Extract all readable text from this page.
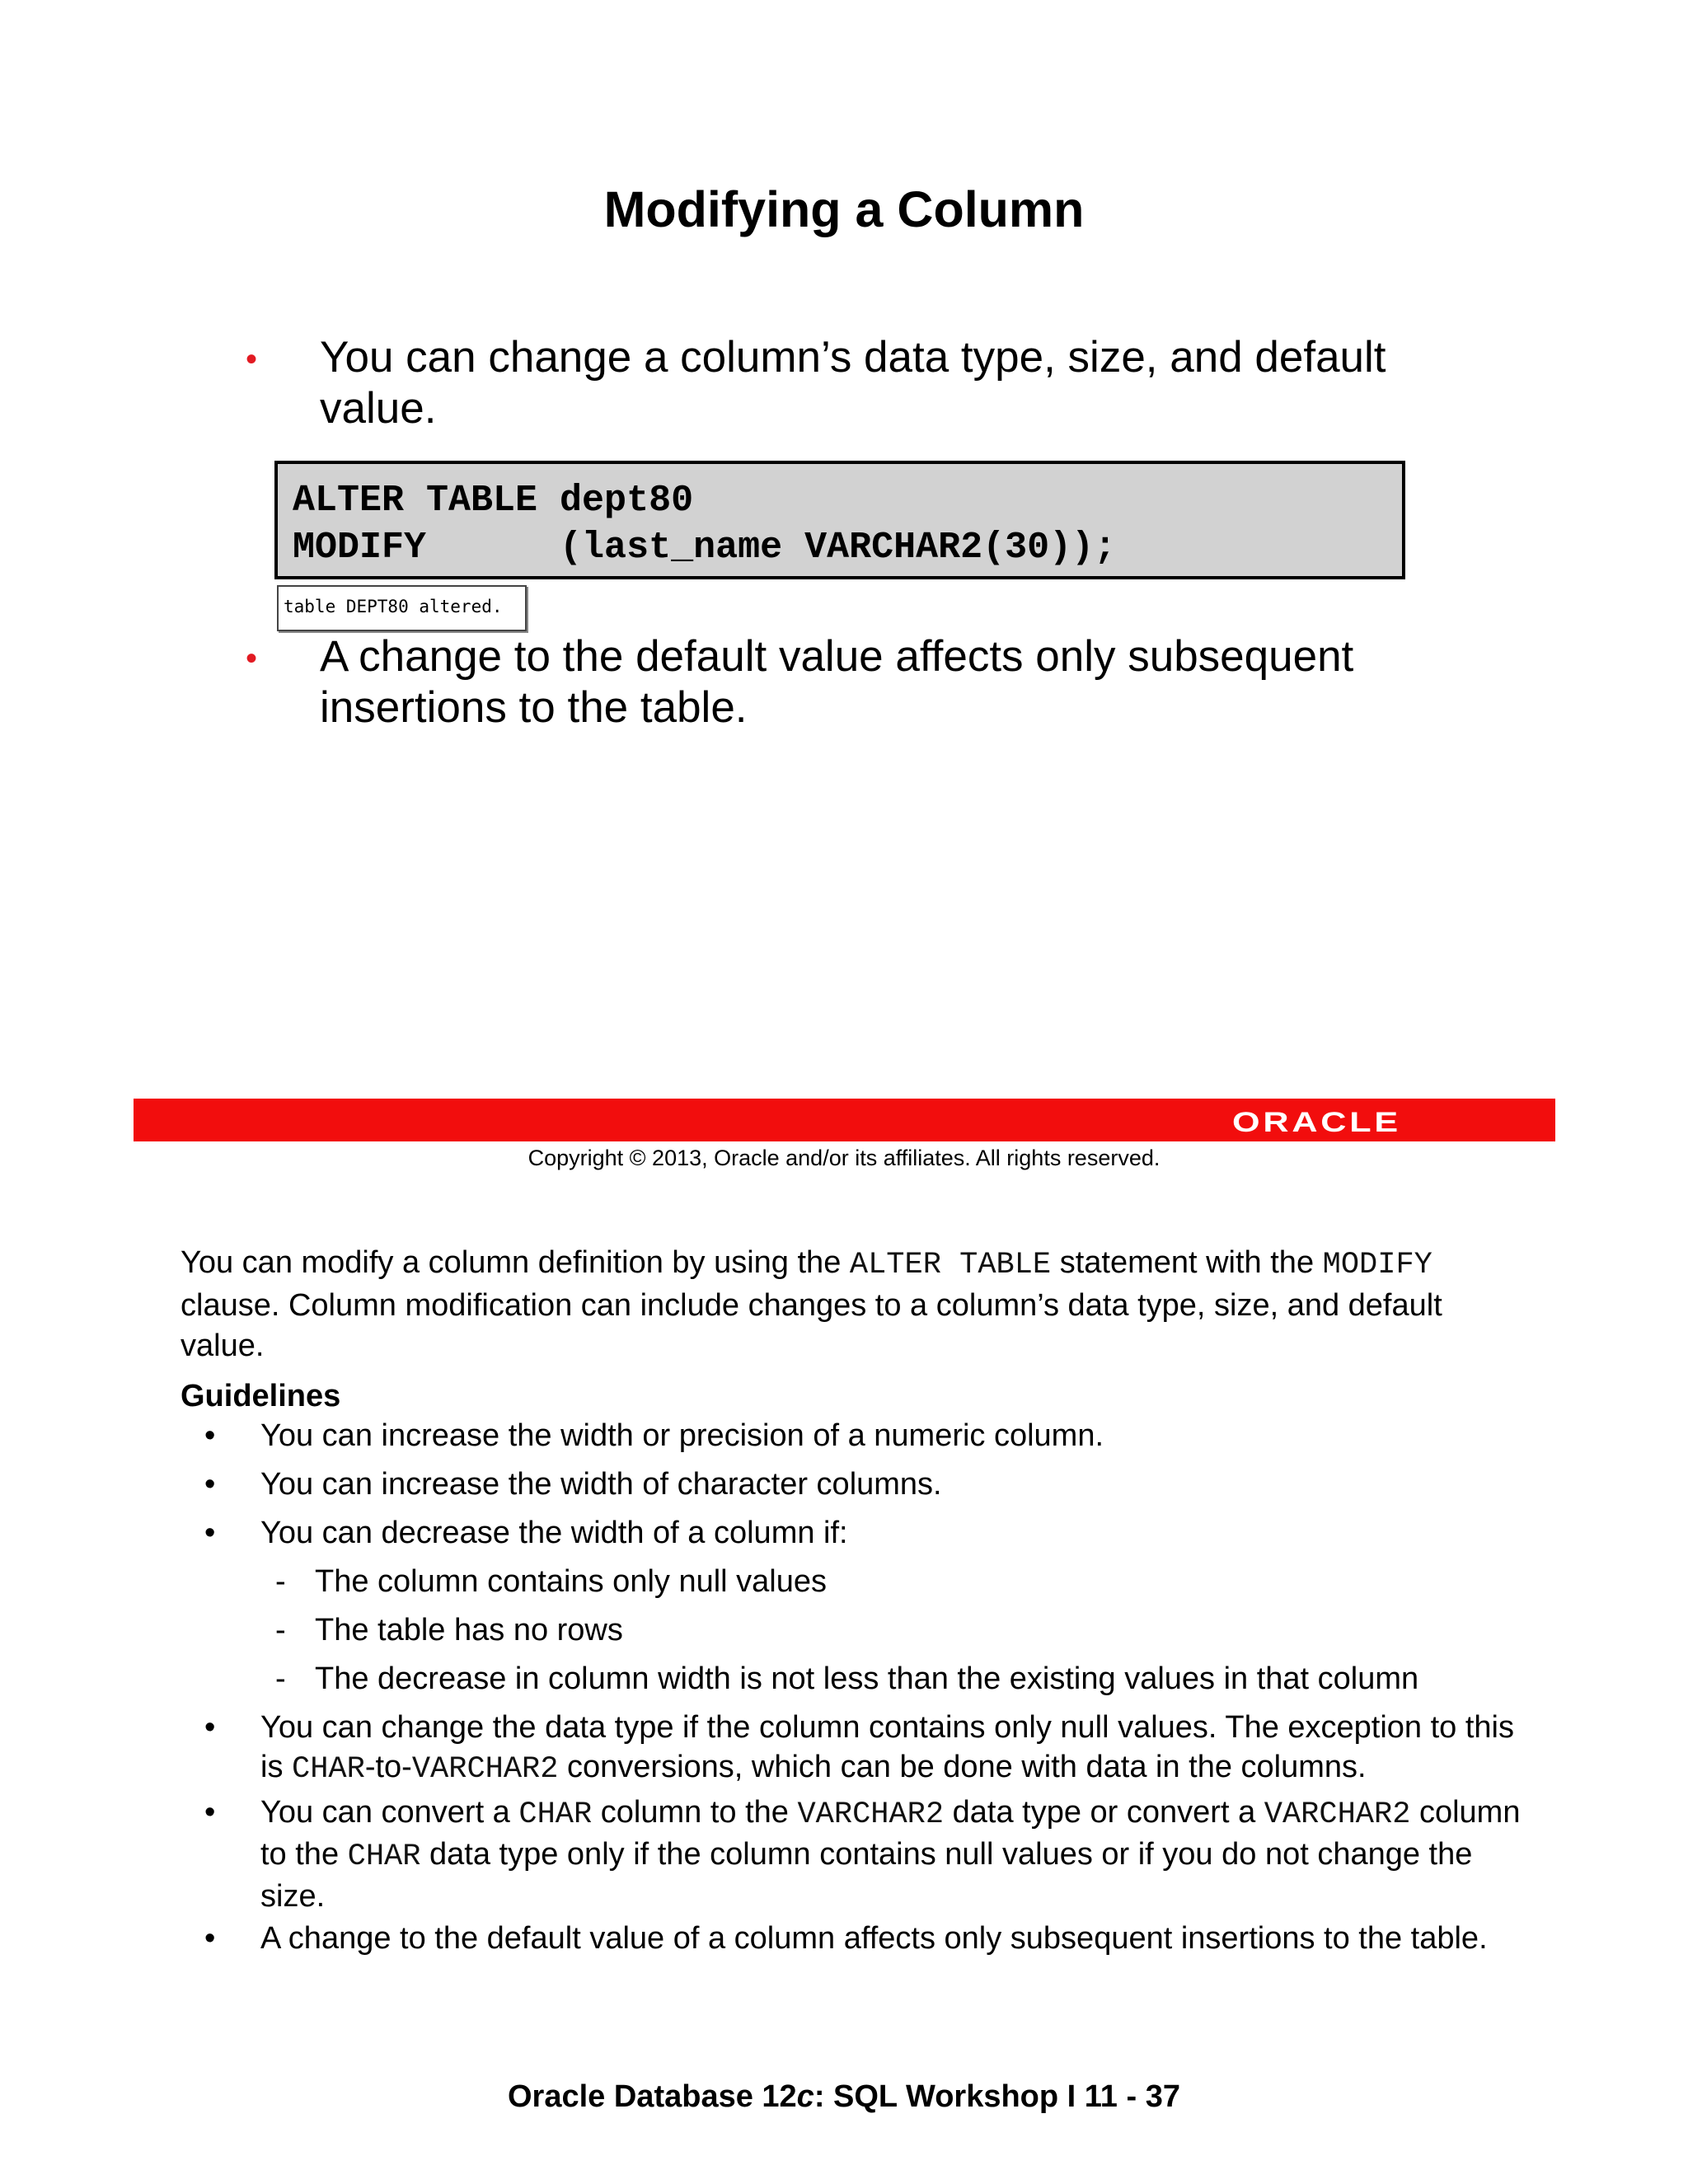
Modifying a Column
• You can change a column’s data type, size, and default value.
ALTER TABLE dept80
MODIFY      (last_name VARCHAR2(30));
table DEPT80 altered.
• A change to the default value affects only subsequent insertions to the table.
ORACLE
Copyright © 2013, Oracle and/or its affiliates. All rights reserved.
You can modify a column definition by using the ALTER TABLE statement with the MODIFY clause. Column modification can include changes to a column’s data type, size, and default value.
Guidelines
• You can increase the width or precision of a numeric column.
• You can increase the width of character columns.
• You can decrease the width of a column if:
- The column contains only null values
- The table has no rows
- The decrease in column width is not less than the existing values in that column
• You can change the data type if the column contains only null values. The exception to this is CHAR-to-VARCHAR2 conversions, which can be done with data in the columns.
• You can convert a CHAR column to the VARCHAR2 data type or convert a VARCHAR2 column to the CHAR data type only if the column contains null values or if you do not change the size.
• A change to the default value of a column affects only subsequent insertions to the table.
Oracle Database 12c: SQL Workshop I 11 - 37
